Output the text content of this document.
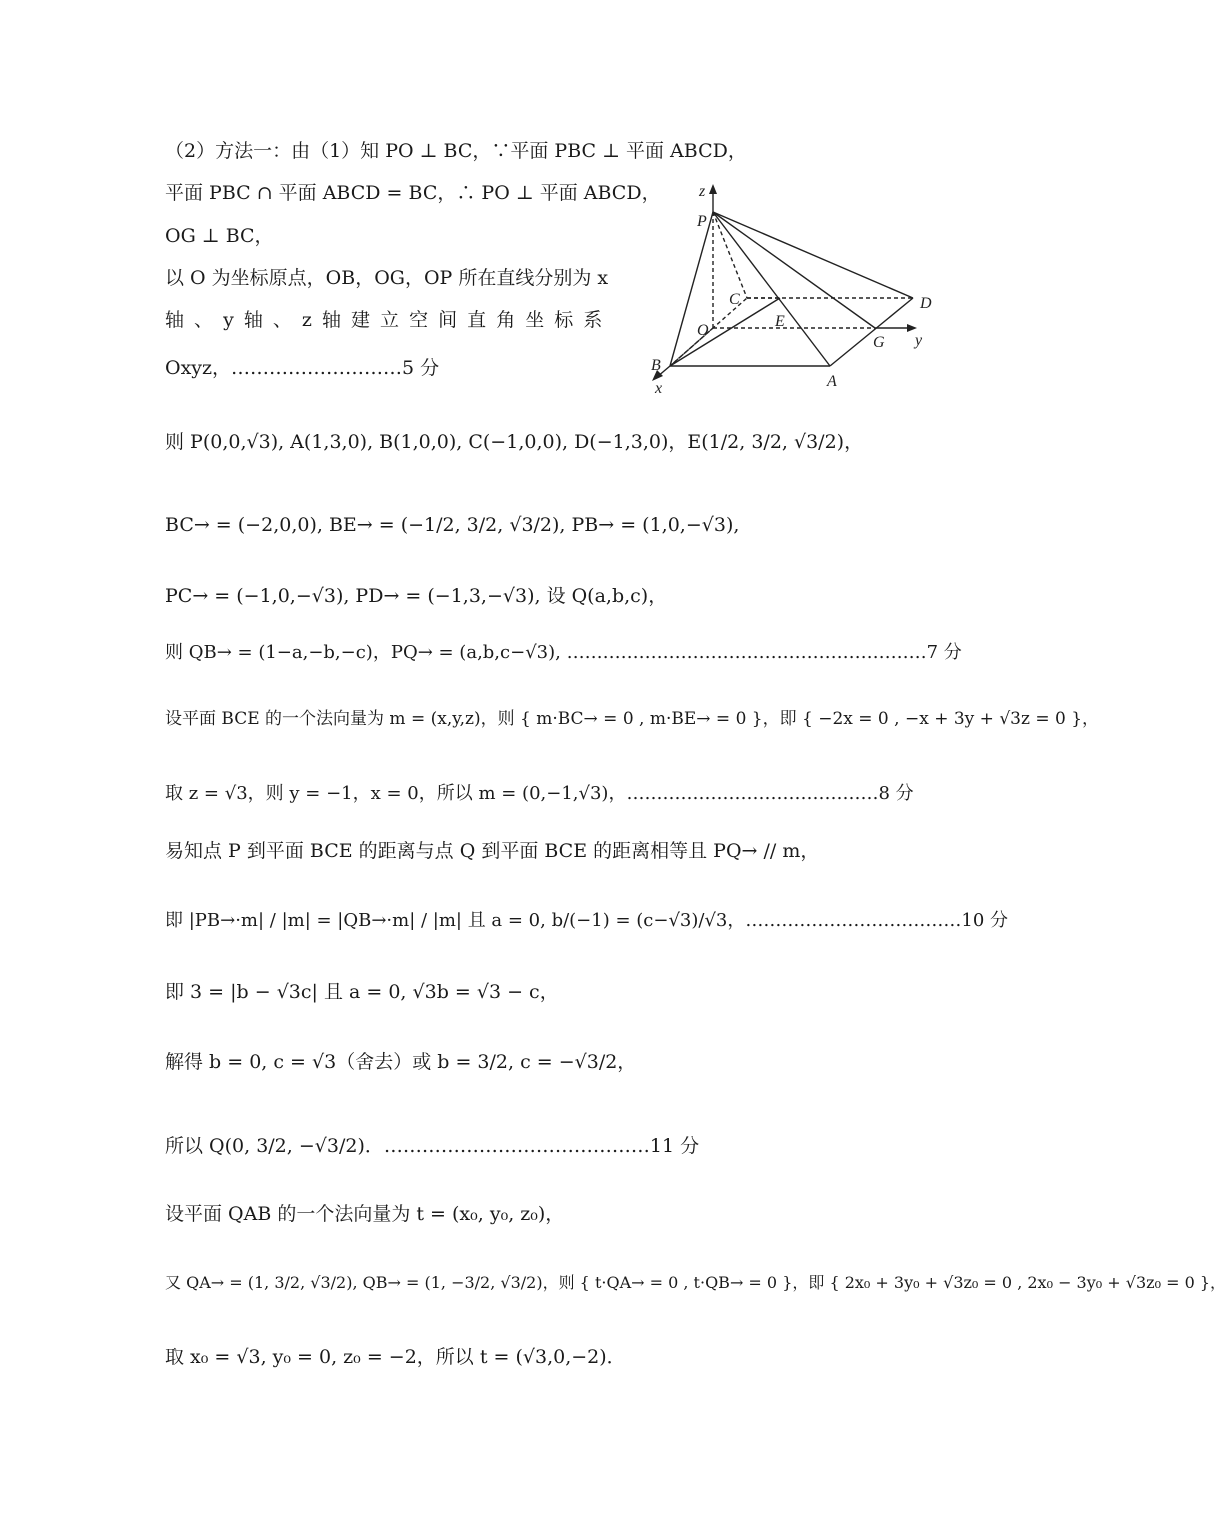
（2）方法一：由（1）知 PO ⊥ BC，∵平面 PBC ⊥ 平面 ABCD，
平面 PBC ∩ 平面 ABCD = BC，∴ PO ⊥ 平面 ABCD，
OG ⊥ BC，
以 O 为坐标原点，OB，OG，OP 所在直线分别为 x
轴 、 y 轴 、 z 轴 建 立 空 间 直 角 坐 标 系
Oxyz，………………………5 分
则 P(0,0,√3), A(1,3,0), B(1,0,0), C(−1,0,0), D(−1,3,0)，E(1/2, 3/2, √3/2)，
BC→ = (−2,0,0), BE→ = (−1/2, 3/2, √3/2), PB→ = (1,0,−√3),
PC→ = (−1,0,−√3), PD→ = (−1,3,−√3), 设 Q(a,b,c)，
则 QB→ = (1−a,−b,−c)，PQ→ = (a,b,c−√3), ……………………………………………………7 分
设平面 BCE 的一个法向量为 m = (x,y,z)，则 { m·BC→ = 0 , m·BE→ = 0 }，即 { −2x = 0 , −x + 3y + √3z = 0 }，
取 z = √3，则 y = −1，x = 0，所以 m = (0,−1,√3)，……………………………………8 分
易知点 P 到平面 BCE 的距离与点 Q 到平面 BCE 的距离相等且 PQ→ // m，
即 |PB→·m| / |m| = |QB→·m| / |m| 且 a = 0, b/(−1) = (c−√3)/√3，………………………………10 分
即 3 = |b − √3c| 且 a = 0, √3b = √3 − c，
解得 b = 0, c = √3（舍去）或 b = 3/2, c = −√3/2，
所以 Q(0, 3/2, −√3/2)．……………………………………11 分
设平面 QAB 的一个法向量为 t = (x₀, y₀, z₀)，
又 QA→ = (1, 3/2, √3/2), QB→ = (1, −3/2, √3/2)，则 { t·QA→ = 0 , t·QB→ = 0 }，即 { 2x₀ + 3y₀ + √3z₀ = 0 , 2x₀ − 3y₀ + √3z₀ = 0 }，
取 x₀ = √3, y₀ = 0, z₀ = −2，所以 t = (√3,0,−2)．
z
P
C	D
E
O
G y
B
x	A
